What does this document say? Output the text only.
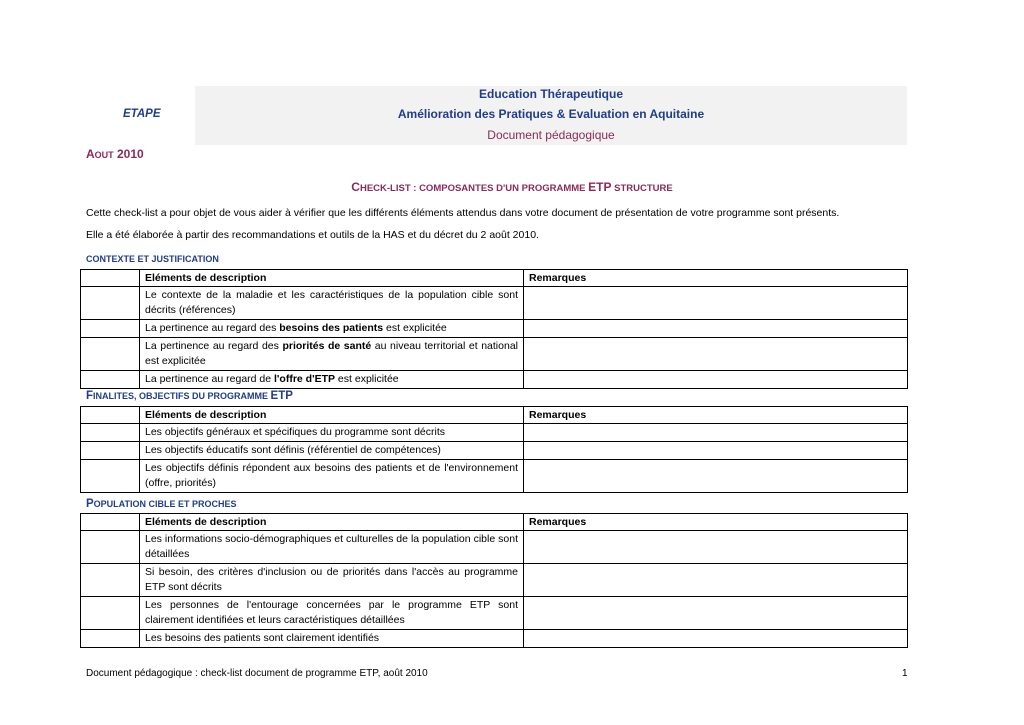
ETAPE
Education Thérapeutique
Amélioration des Pratiques & Evaluation en Aquitaine
Document pédagogique
AOUT 2010
CHECK-LIST : COMPOSANTES D'UN PROGRAMME ETP STRUCTURE
Cette check-list a pour objet de vous aider à vérifier que les différents éléments attendus dans votre document de présentation de votre programme sont présents.
Elle a été élaborée à partir des recommandations et outils de la HAS et du décret du 2 août 2010.
CONTEXTE ET JUSTIFICATION
	Eléments de description	Remarques
	Le contexte de la maladie et les caractéristiques de la population cible sont décrits (références)	
	La pertinence au regard des besoins des patients est explicitée	
	La pertinence au regard des priorités de santé au niveau territorial et national est explicitée	
	La pertinence au regard de l'offre d'ETP est explicitée	
FINALITES, OBJECTIFS DU PROGRAMME ETP
	Eléments de description	Remarques
	Les objectifs généraux et spécifiques du programme sont décrits	
	Les objectifs éducatifs sont définis (référentiel de compétences)	
	Les objectifs définis répondent aux besoins des patients et de l'environnement (offre, priorités)	
POPULATION CIBLE ET PROCHES
	Eléments de description	Remarques
	Les informations socio-démographiques et culturelles de la population cible sont détaillées	
	Si besoin, des critères d'inclusion ou de priorités dans l'accès au programme ETP sont décrits	
	Les personnes de l'entourage concernées par le programme ETP sont clairement identifiées et leurs caractéristiques détaillées	
	Les besoins des patients sont clairement identifiés	
Document pédagogique : check-list document de programme ETP, août 2010	1
